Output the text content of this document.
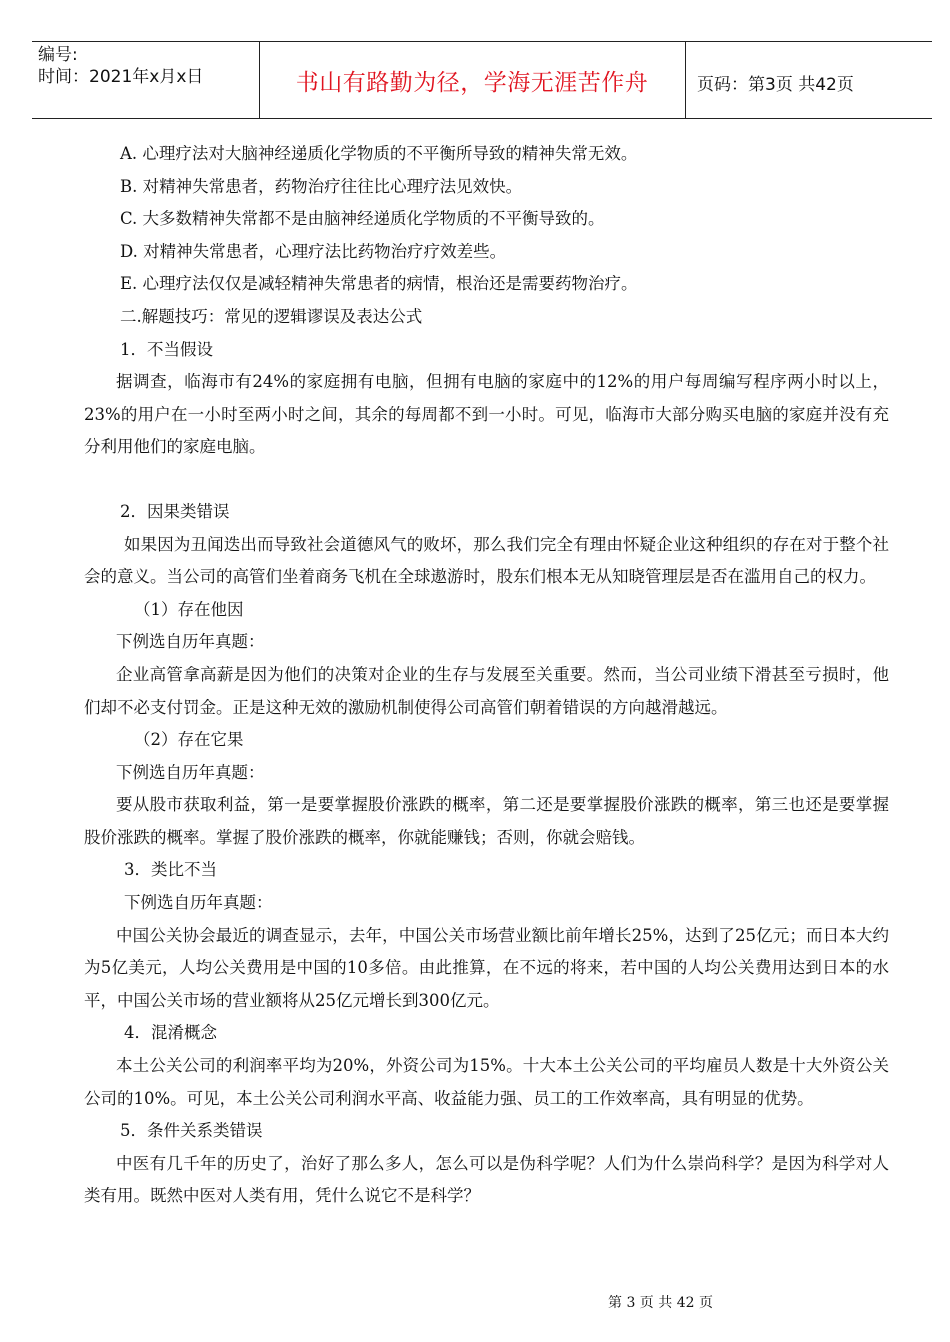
编号:
时间：2021年x月x日	书山有路勤为径，学海无涯苦作舟	页码：第3页 共42页
A. 心理疗法对大脑神经递质化学物质的不平衡所导致的精神失常无效。
B. 对精神失常患者，药物治疗往往比心理疗法见效快。
C. 大多数精神失常都不是由脑神经递质化学物质的不平衡导致的。
D. 对精神失常患者，心理疗法比药物治疗疗效差些。
E. 心理疗法仅仅是减轻精神失常患者的病情，根治还是需要药物治疗。
二.解题技巧：常见的逻辑谬误及表达公式
1．不当假设

据调查，临海市有24%的家庭拥有电脑，但拥有电脑的家庭中的12%的用户每周编写程序两小时以上，23%的用户在一小时至两小时之间，其余的每周都不到一小时。可见，临海市大部分购买电脑的家庭并没有充分利用他们的家庭电脑。

2．因果类错误

如果因为丑闻迭出而导致社会道德风气的败坏，那么我们完全有理由怀疑企业这种组织的存在对于整个社会的意义。当公司的高管们坐着商务飞机在全球遨游时，股东们根本无从知晓管理层是否在滥用自己的权力。

（1）存在他因
下例选自历年真题：

企业高管拿高薪是因为他们的决策对企业的生存与发展至关重要。然而，当公司业绩下滑甚至亏损时，他们却不必支付罚金。正是这种无效的激励机制使得公司高管们朝着错误的方向越滑越远。

（2）存在它果
下例选自历年真题：

要从股市获取利益，第一是要掌握股价涨跌的概率，第二还是要掌握股价涨跌的概率，第三也还是要掌握股价涨跌的概率。掌握了股价涨跌的概率，你就能赚钱；否则，你就会赔钱。

3．类比不当
下例选自历年真题：

中国公关协会最近的调查显示，去年，中国公关市场营业额比前年增长25%，达到了25亿元；而日本大约为5亿美元，人均公关费用是中国的10多倍。由此推算，在不远的将来，若中国的人均公关费用达到日本的水平，中国公关市场的营业额将从25亿元增长到300亿元。

4．混淆概念

本土公关公司的利润率平均为20%，外资公司为15%。十大本土公关公司的平均雇员人数是十大外资公关公司的10%。可见，本土公关公司利润水平高、收益能力强、员工的工作效率高，具有明显的优势。

5．条件关系类错误

中医有几千年的历史了，治好了那么多人，怎么可以是伪科学呢？人们为什么崇尚科学？是因为科学对人类有用。既然中医对人类有用，凭什么说它不是科学？

第 3 页 共 42 页
